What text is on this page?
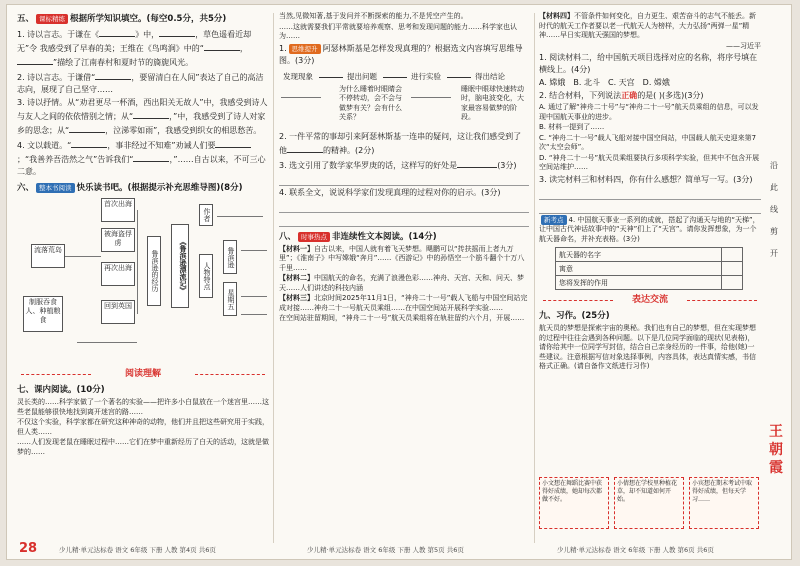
五、 课标精练 根据所学知识填空。(每空0.5分，共5分)
1. 诗以言志。于谦在《	》中，	，草色遥看近却无”令 我感受到了早春的美；王维在《鸟鸣涧》中的“	，”描绘了江南春村和夏时节的旖旎风光。
2. 诗以言志。于谦借“	，要留清白在人间”表达了自己的高洁志向，展现了自己坚守……
3. 诗以抒情。从“劝君更尽一杯酒，西出阳关无故人”中，我感受到诗人与友人之间的依依惜别之情；从“	，”中，我感受到了诗人对家乡的思念；从“	，泣涕零如雨”，我感受到织女的相思愁苦。
4. 文以载道。“	，事非经过不知难”劝诫人们要；“我善养吾浩然之气”告诉我们“	，”……自古以来，不可三心二意。
六、 整本书阅读 快乐读书吧。(根据提示补充思维导图)(8分)
首次出海
被海盗俘虏
流落荒岛
再次出海
制服吞食人、种植粮食
回到英国
鲁滨逊的经历	《鲁滨逊漂流记》
作者
人物特点
鲁滨逊
星期五
阅读理解
七、课内阅读。(10分)
灵长类的……科学家做了一个著名的实验——把许多小白鼠放在一个迷宫里……这些老鼠能够很快地找到离开迷宫的路……
不仅这个实验，科学家都在研究这种神奇的动物，他们并且把这些研究用于实践，但人类……
……人们发现老鼠在睡眠过程中……它们在梦中重新经历了白天的活动，这就是做梦的……
当然,见微知著,基于发问并不断探索的能力,不是凭空产生的。
……这就需要我们平常就要培养观察、思考和发现问题的能力……科学家也认为……
1. 思维提升 阿瑟林斯基是怎样发现真理的？根据选文内容填写思维导图。(3分)
发现现象	提出问题	进行实验	得出结论
为什么睡着时眼睛会不停转动，会不会与做梦有关？会有什么关系？
睡眠中眼球快速转动时，脑电波变化，大家最容易做梦的阶段。
2. 一件平常的事却引来阿瑟林斯基一连串的疑问，这让我们感受到了他	的精神。(2分)
3. 选文引用了数学家华罗庚的话，这样写的好处是	(3分)
4. 联系全文，说说科学家们发现真理的过程对你的启示。(3分)
八、 时事热点 非连续性文本阅读。(14分)
【材料一】自古以来，中国人就有着飞天梦想。飓鹏可以“抟扶摇而上者九万里”；《淮南子》中写嫦娥“奔月”……《西游记》中的孙悟空一个筋斗翻个十万八千里……
【材料二】中国航天的命名，充满了浪漫色彩……神舟、天宫、天和、问天、梦天……人们讲述的科技内涵
【材料三】北京时间2025年11月1日，“神舟二十一号”载人飞船与中国空间站完成对接……神舟二十一号航天员乘组……在中国空间站开展科学实验……
在空间站驻留期间，“神舟二十一号”航天员乘组将在轨驻留约六个月，开展……
【材料四】不管条件如何变化，自力更生、艰苦奋斗的志气不能丢。新时代的航天工作者要以老一代航天人为榜样，大力弘扬“两弹一星”精神……早日实现航天强国的梦想。
——习近平
1. 阅读材料二，给中国航天项目选择对应的名称，将序号填在横线上。(4分)
A. 嫦娥　 B. 北斗　 C. 天宫　 D. 嫦娥
2. 结合材料，下列说法正确的是( )(多选)(3分)
A. 通过了解“神舟二十号”与“神舟二十一号”航天员乘组的信息，可以发现中国航天事业的进步。
B. 材料一提到了……
C. “神舟二十一号”载人飞船对接中国空间站，中国载人航天史迎来第7次“太空会师”。
D. “神舟二十一号”航天员乘组要执行多项科学实验，但其中不包含开展空间站维护……
3. 读完材料三和材料四，你有什么感想？简单写一写。(3分)
新考点 4. 中国航天事业一系列的成就，搭起了沟通天与地的“天梯”，让中国古代神话故事中的“天神”们上了“天宫”。请你发挥想象，为一个航天器命名，并补充表格。(3分)
航天器的名字	
寓意	
您将发挥的作用	
表达交流
九、习作。(25分)
航天员的梦想是探索宇宙的奥秘。我们也有自己的梦想，但在实现梦想的过程中往往会遇到各种问题。以下是几位同学面临的现状(见表格)，请你给其中一位同学写封信，结合自己亲身经历的一件事，给他(她)一些建议。注意根据写信对象选择事例，内容具体，表达真情实感，书信格式正确。(请自备作文纸进行习作)
小文想在舞蹈比赛中获得好成绩，她却每次都做不好。
小倩想在学校里种植花草，却不知道如何开始。
小宾想在期末考试中取得好成绩，但每天学习……
沿此线剪开
王朝霞
28	少儿精·单元达标卷 语文 6年级 下册 人教 第4页 共6页	少儿精·单元达标卷 语文 6年级 下册 人教 第5页 共6页	少儿精·单元达标卷 语文 6年级 下册 人教 第6页 共6页
